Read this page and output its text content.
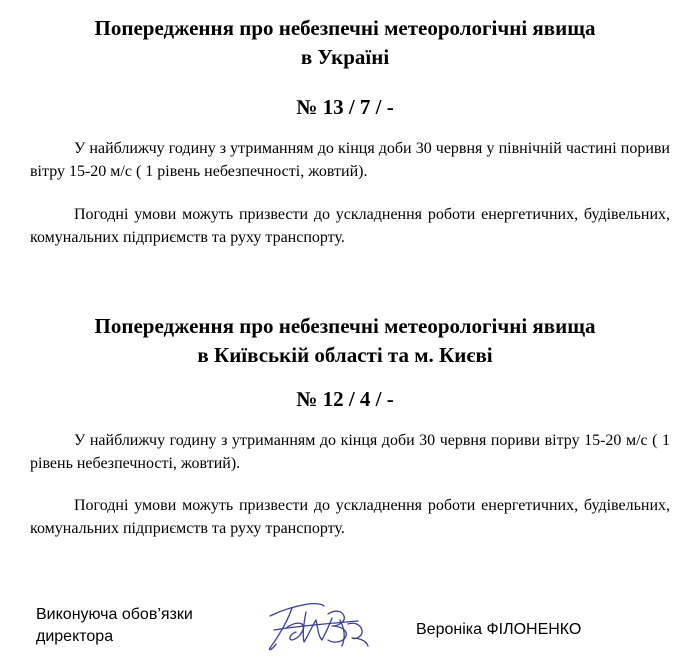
Попередження про небезпечні метеорологічні явища

в Україні

№ 13 / 7 / -

У найближчу годину з утриманням до кінця доби 30 червня у північній частині пориви вітру 15-20 м/с ( 1 рівень небезпечності, жовтий).

Погодні умови можуть призвести до ускладнення роботи енергетичних, будівельних, комунальних підприємств та руху транспорту.

Попередження про небезпечні метеорологічні явища

в Київській області та м. Києві

№ 12 / 4 / -

У найближчу годину з утриманням до кінця доби 30 червня пориви вітру 15-20 м/с ( 1 рівень небезпечності, жовтий).

Погодні умови можуть призвести до ускладнення роботи енергетичних, будівельних, комунальних підприємств та руху транспорту.

Виконуюча обов’язки
директора	Вероніка ФІЛОНЕНКО
